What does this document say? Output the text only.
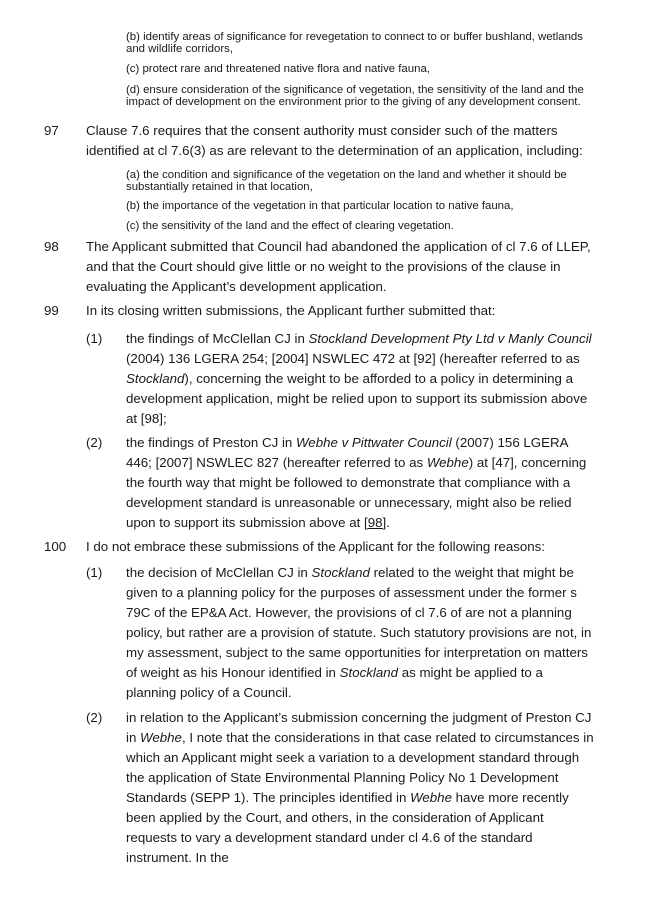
(b) identify areas of significance for revegetation to connect to or buffer bushland, wetlands and wildlife corridors,

(c) protect rare and threatened native flora and native fauna,

(d) ensure consideration of the significance of vegetation, the sensitivity of the land and the impact of development on the environment prior to the giving of any development consent.

97 Clause 7.6 requires that the consent authority must consider such of the matters identified at cl 7.6(3) as are relevant to the determination of an application, including:

(a) the condition and significance of the vegetation on the land and whether it should be substantially retained in that location,

(b) the importance of the vegetation in that particular location to native fauna,

(c) the sensitivity of the land and the effect of clearing vegetation.

98 The Applicant submitted that Council had abandoned the application of cl 7.6 of LLEP, and that the Court should give little or no weight to the provisions of the clause in evaluating the Applicant’s development application.

99 In its closing written submissions, the Applicant further submitted that:

(1) the findings of McClellan CJ in Stockland Development Pty Ltd v Manly Council (2004) 136 LGERA 254; [2004] NSWLEC 472 at [92] (hereafter referred to as Stockland), concerning the weight to be afforded to a policy in determining a development application, might be relied upon to support its submission above at [98];

(2) the findings of Preston CJ in Webhe v Pittwater Council (2007) 156 LGERA 446; [2007] NSWLEC 827 (hereafter referred to as Webhe) at [47], concerning the fourth way that might be followed to demonstrate that compliance with a development standard is unreasonable or unnecessary, might also be relied upon to support its submission above at [98].

100 I do not embrace these submissions of the Applicant for the following reasons:

(1) the decision of McClellan CJ in Stockland related to the weight that might be given to a planning policy for the purposes of assessment under the former s 79C of the EP&A Act. However, the provisions of cl 7.6 of are not a planning policy, but rather are a provision of statute. Such statutory provisions are not, in my assessment, subject to the same opportunities for interpretation on matters of weight as his Honour identified in Stockland as might be applied to a planning policy of a Council.

(2) in relation to the Applicant’s submission concerning the judgment of Preston CJ in Webhe, I note that the considerations in that case related to circumstances in which an Applicant might seek a variation to a development standard through the application of State Environmental Planning Policy No 1 Development Standards (SEPP 1). The principles identified in Webhe have more recently been applied by the Court, and others, in the consideration of Applicant requests to vary a development standard under cl 4.6 of the standard instrument. In the
